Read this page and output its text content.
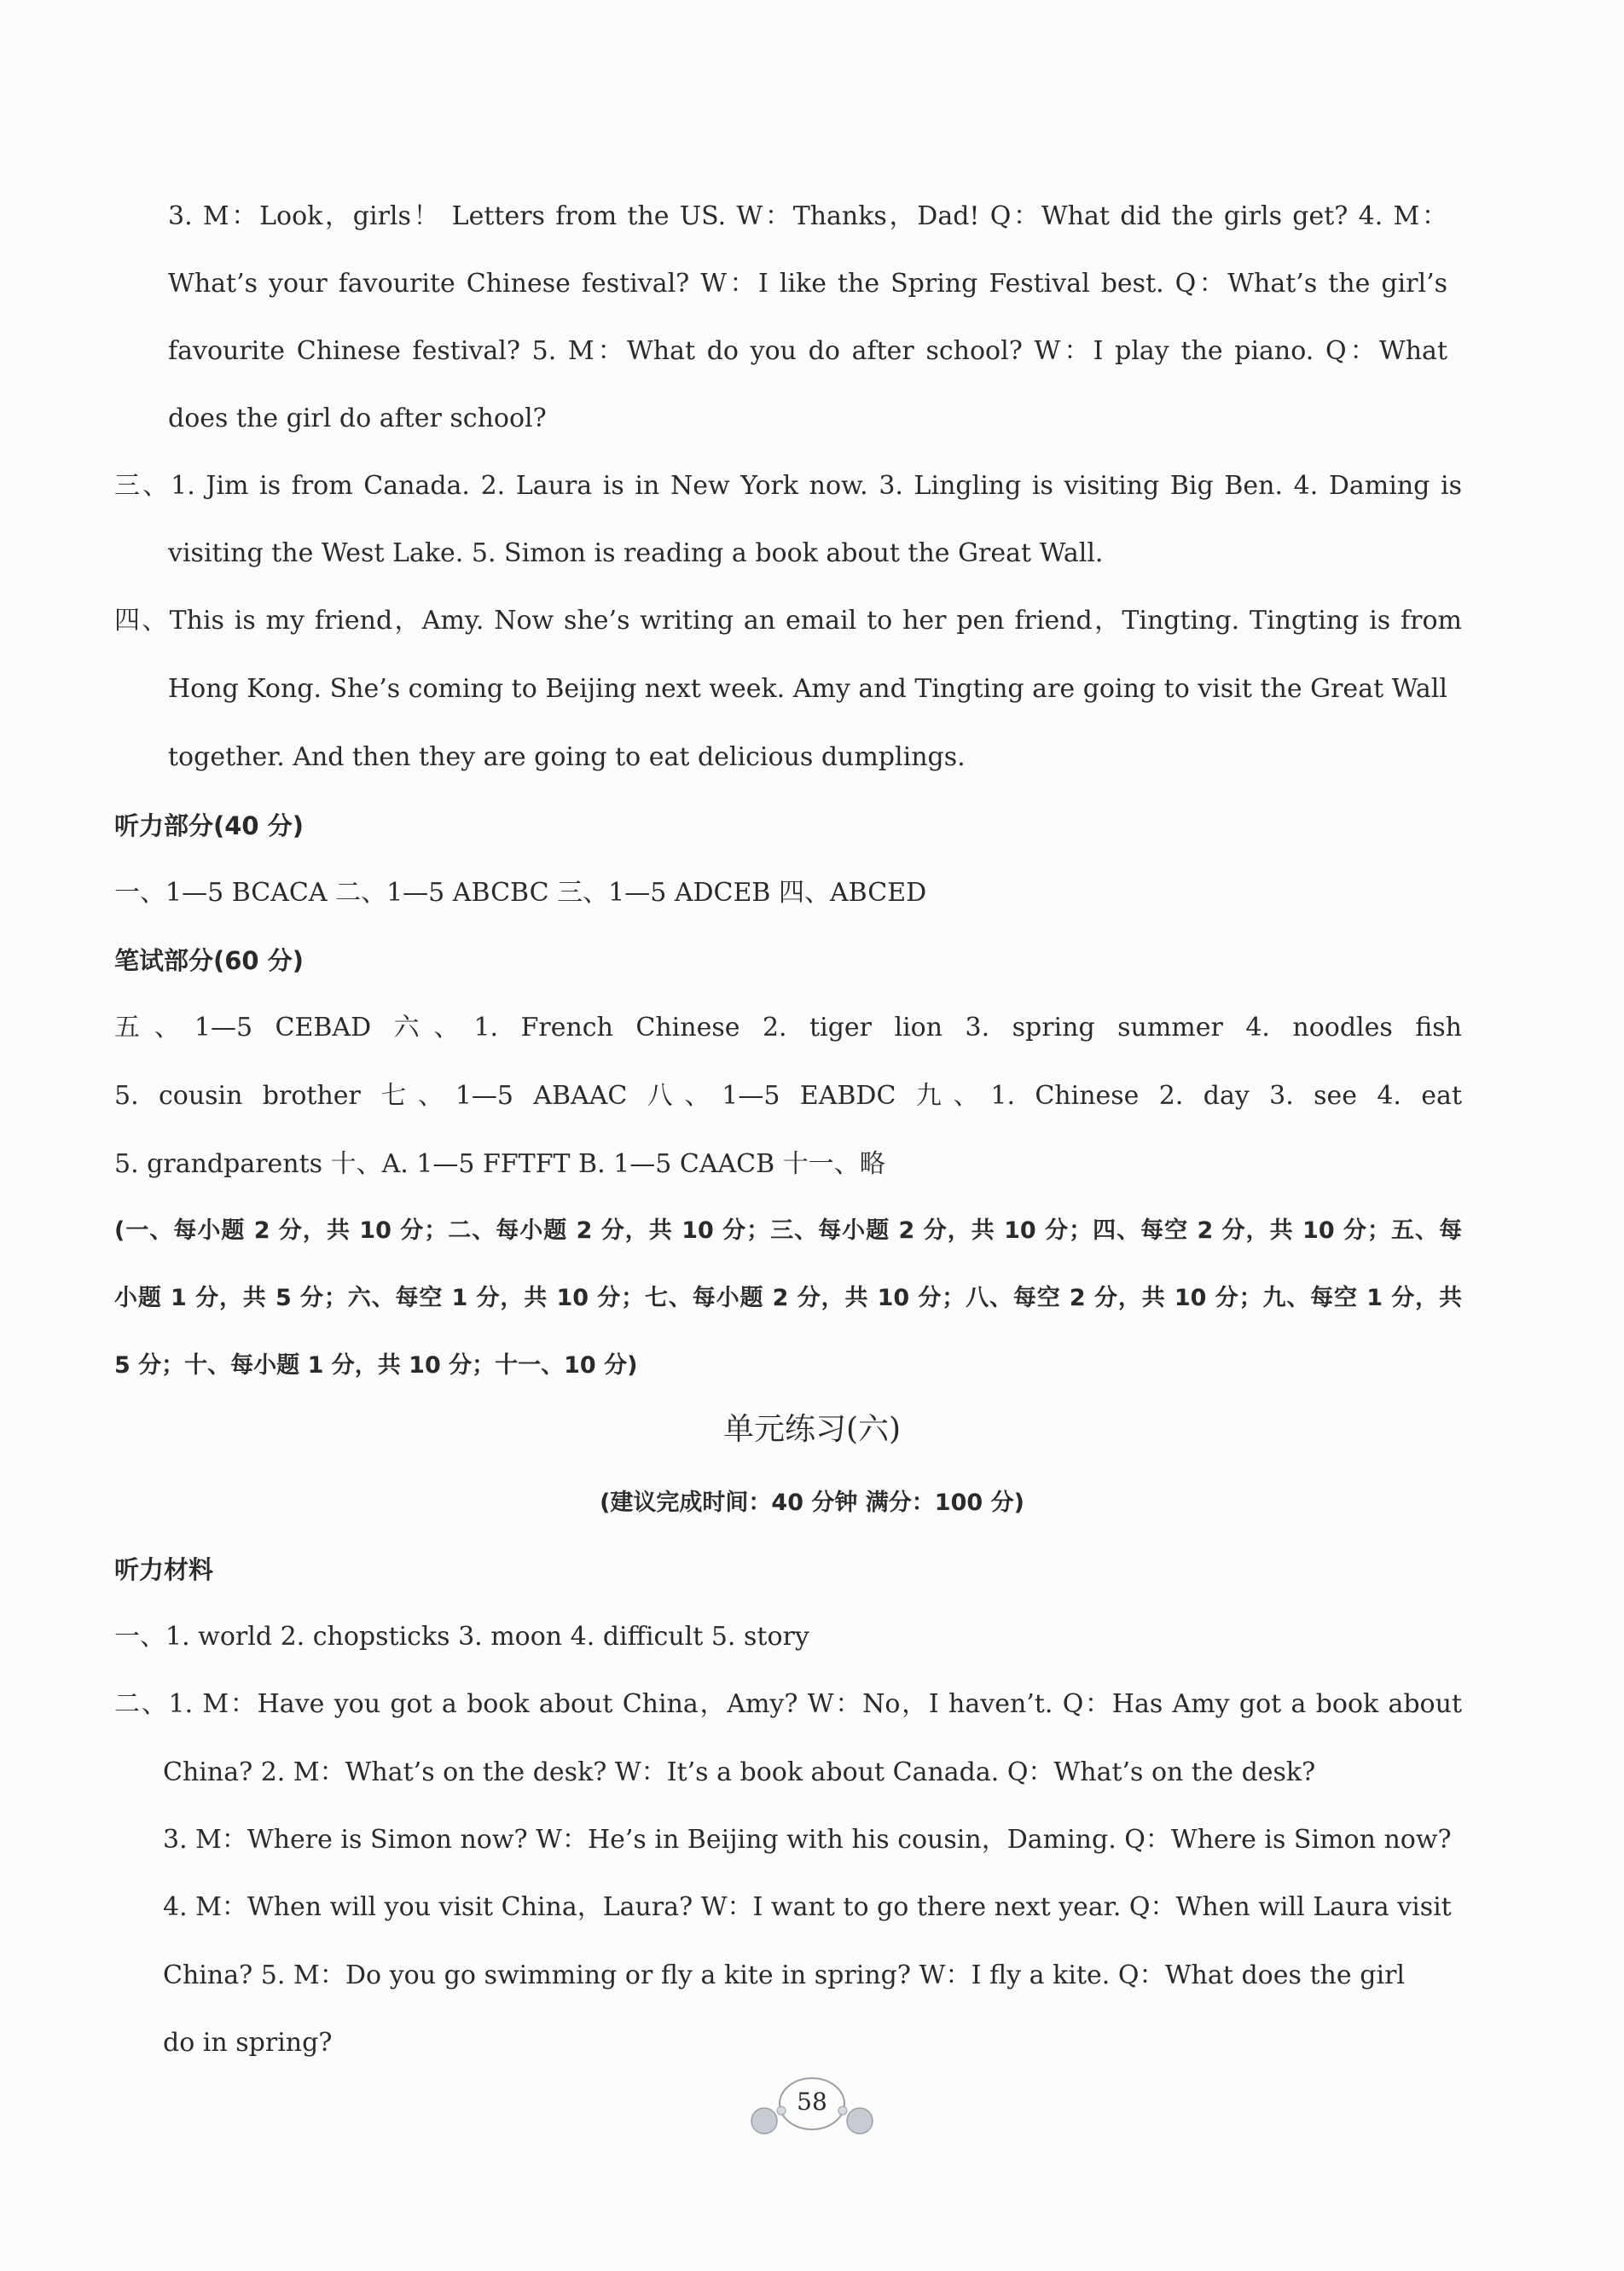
3. M：Look，girls！ Letters from the US. W：Thanks，Dad! Q：What did the girls get? 4. M：
What’s your favourite Chinese festival? W：I like the Spring Festival best. Q：What’s the girl’s
favourite Chinese festival? 5. M：What do you do after school? W：I play the piano. Q：What
does the girl do after school?
三、1. Jim is from Canada. 2. Laura is in New York now. 3. Lingling is visiting Big Ben. 4. Daming is
visiting the West Lake. 5. Simon is reading a book about the Great Wall.
四、This is my friend，Amy. Now she’s writing an email to her pen friend，Tingting. Tingting is from
Hong Kong. She’s coming to Beijing next week. Amy and Tingting are going to visit the Great Wall
together. And then they are going to eat delicious dumplings.
听力部分(40 分)
一、1—5 BCACA 二、1—5 ABCBC 三、1—5 ADCEB 四、ABCED
笔试部分(60 分)
五、1—5 CEBAD 六、1. French Chinese 2. tiger lion 3. spring summer 4. noodles fish
5. cousin brother 七、1—5 ABAAC 八、1—5 EABDC 九、1. Chinese 2. day 3. see 4. eat
5. grandparents 十、A. 1—5 FFTFT B. 1—5 CAACB 十一、略
(一、每小题 2 分，共 10 分；二、每小题 2 分，共 10 分；三、每小题 2 分，共 10 分；四、每空 2 分，共 10 分；五、每
小题 1 分，共 5 分；六、每空 1 分，共 10 分；七、每小题 2 分，共 10 分；八、每空 2 分，共 10 分；九、每空 1 分，共
5 分；十、每小题 1 分，共 10 分；十一、10 分)
单元练习(六)
(建议完成时间：40 分钟 满分：100 分)
听力材料
一、1. world 2. chopsticks 3. moon 4. difficult 5. story
二、1. M：Have you got a book about China，Amy? W：No，I haven’t. Q：Has Amy got a book about
China? 2. M：What’s on the desk? W：It’s a book about Canada. Q：What’s on the desk?
3. M：Where is Simon now? W：He’s in Beijing with his cousin，Daming. Q：Where is Simon now?
4. M：When will you visit China，Laura? W：I want to go there next year. Q：When will Laura visit
China? 5. M：Do you go swimming or fly a kite in spring? W：I fly a kite. Q：What does the girl
do in spring?
58
